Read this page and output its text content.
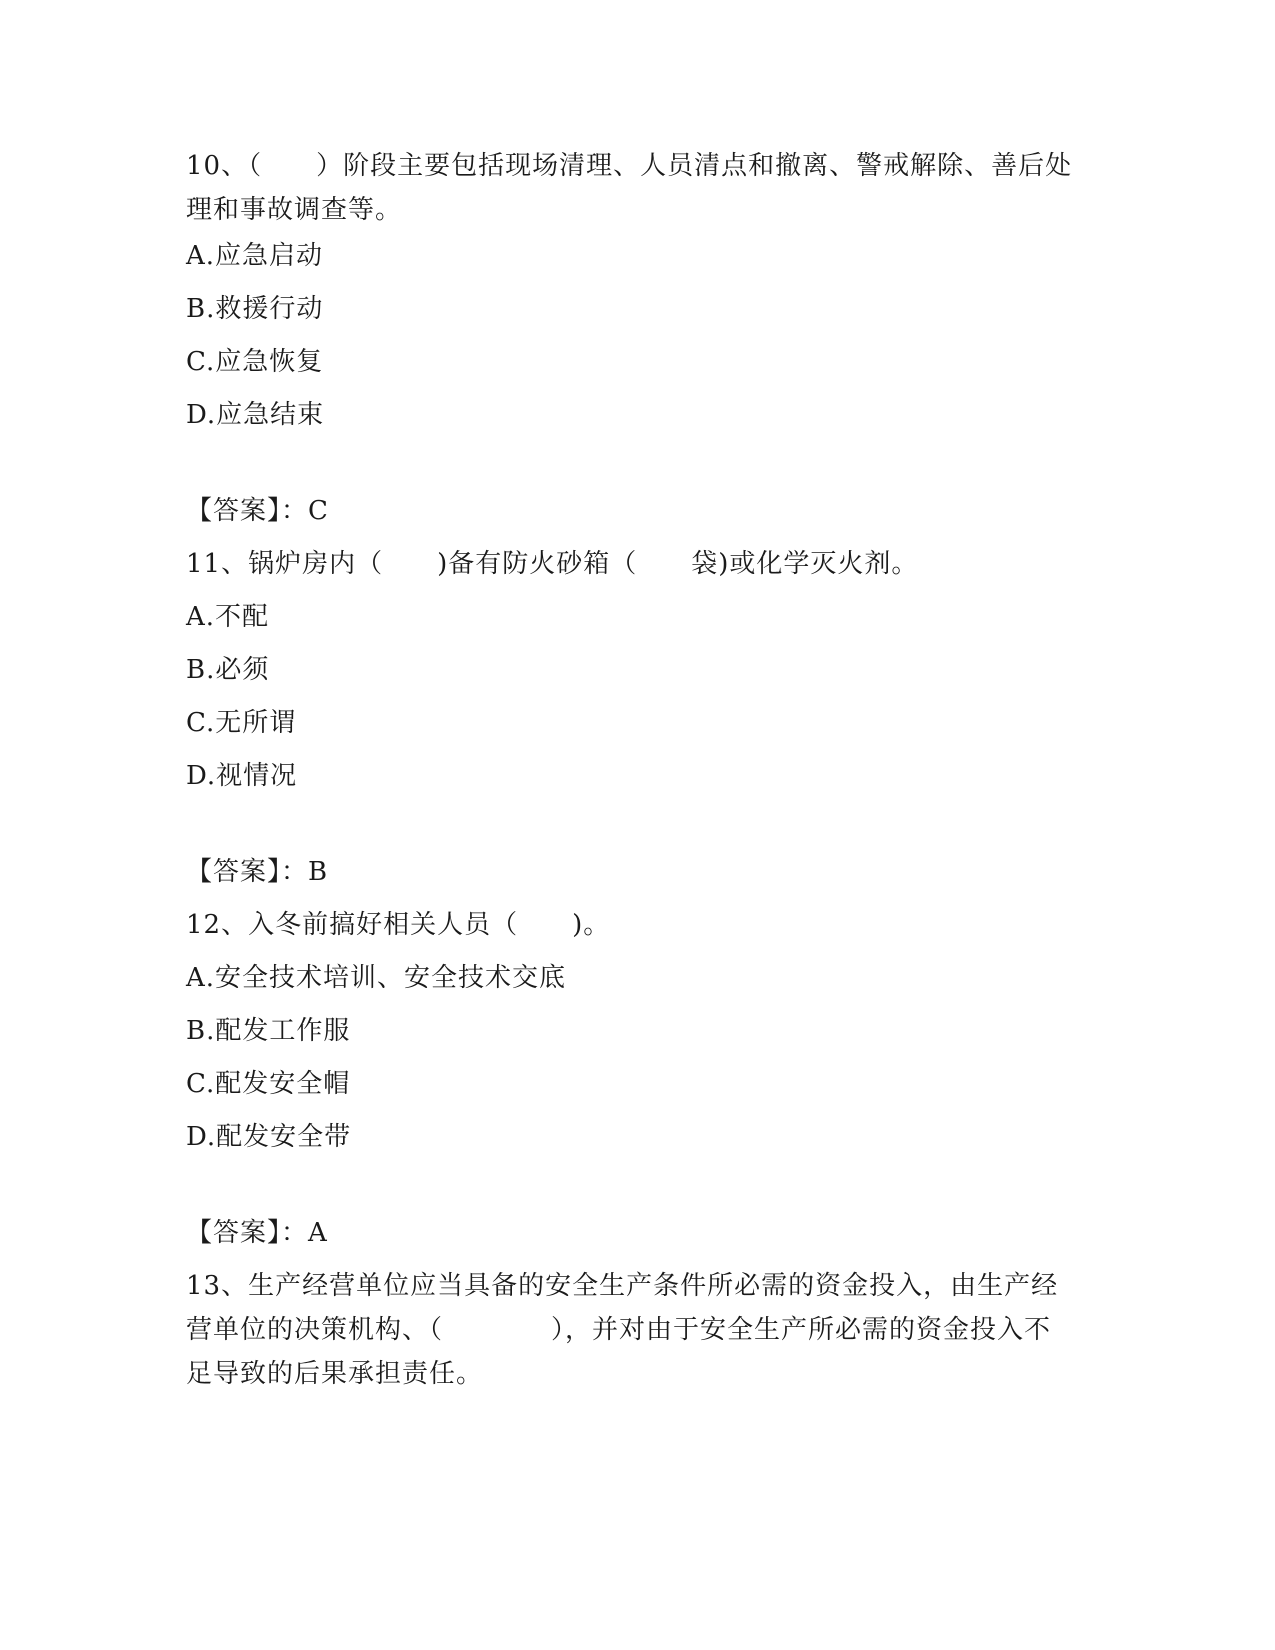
10、（　　）阶段主要包括现场清理、人员清点和撤离、警戒解除、善后处理和事故调查等。
A.应急启动
B.救援行动
C.应急恢复
D.应急结束
【答案】：C
11、锅炉房内（　　)备有防火砂箱（　　袋)或化学灭火剂。
A.不配
B.必须
C.无所谓
D.视情况
【答案】：B
12、入冬前搞好相关人员（　　)。
A.安全技术培训、安全技术交底
B.配发工作服
C.配发安全帽
D.配发安全带
【答案】：A
13、生产经营单位应当具备的安全生产条件所必需的资金投入，由生产经营单位的决策机构、（　　　　），并对由于安全生产所必需的资金投入不足导致的后果承担责任。
